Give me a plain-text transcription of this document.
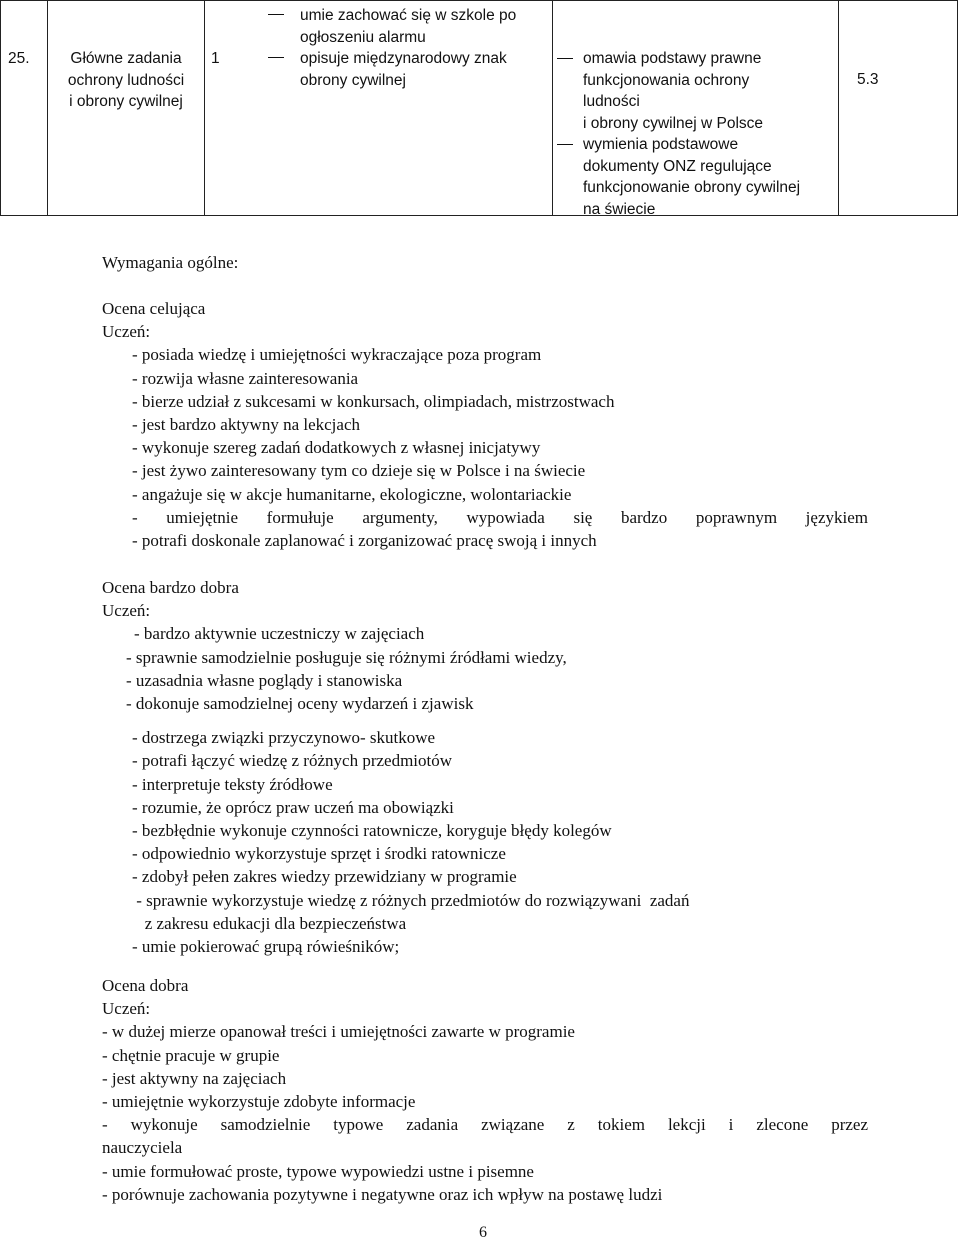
25.	Główne zadania
ochrony ludności
i obrony cywilnej
1
umie zachować się w szkole po
ogłoszeniu alarmu
opisuje międzynarodowy znak
obrony cywilnej
omawia podstawy prawne
funkcjonowania ochrony
ludności
i obrony cywilnej w Polsce
wymienia podstawowe
dokumenty ONZ regulujące
funkcjonowanie obrony cywilnej
na świecie
5.3
Wymagania ogólne:
Ocena celująca
Uczeń:
- posiada wiedzę i umiejętności wykraczające poza program
- rozwija własne zainteresowania
- bierze udział z sukcesami w konkursach, olimpiadach, mistrzostwach
- jest bardzo aktywny na lekcjach
- wykonuje szereg zadań dodatkowych z własnej inicjatywy
- jest żywo zainteresowany tym co dzieje się w Polsce i na świecie
- angażuje się w akcje humanitarne, ekologiczne, wolontariackie
- umiejętnie formułuje argumenty, wypowiada się bardzo poprawnym językiem
- potrafi doskonale zaplanować i zorganizować pracę swoją i innych
Ocena bardzo dobra
Uczeń:
- bardzo aktywnie uczestniczy w zajęciach
- sprawnie samodzielnie posługuje się różnymi źródłami wiedzy,
- uzasadnia własne poglądy i stanowiska
- dokonuje samodzielnej oceny wydarzeń i zjawisk
- dostrzega związki przyczynowo- skutkowe
- potrafi łączyć wiedzę z różnych przedmiotów
- interpretuje teksty źródłowe
- rozumie, że oprócz praw uczeń ma obowiązki
- bezbłędnie wykonuje czynności ratownicze, koryguje błędy kolegów
- odpowiednio wykorzystuje sprzęt i środki ratownicze
- zdobył pełen zakres wiedzy przewidziany w programie
- sprawnie wykorzystuje wiedzę z różnych przedmiotów do rozwiązywani  zadań
z zakresu edukacji dla bezpieczeństwa
- umie pokierować grupą rówieśników;
Ocena dobra
Uczeń:
- w dużej mierze opanował treści i umiejętności zawarte w programie
- chętnie pracuje w grupie
- jest aktywny na zajęciach
- umiejętnie wykorzystuje zdobyte informacje
- wykonuje samodzielnie typowe zadania związane z tokiem lekcji i zlecone przez
nauczyciela
- umie formułować proste, typowe wypowiedzi ustne i pisemne
- porównuje zachowania pozytywne i negatywne oraz ich wpływ na postawę ludzi
6
